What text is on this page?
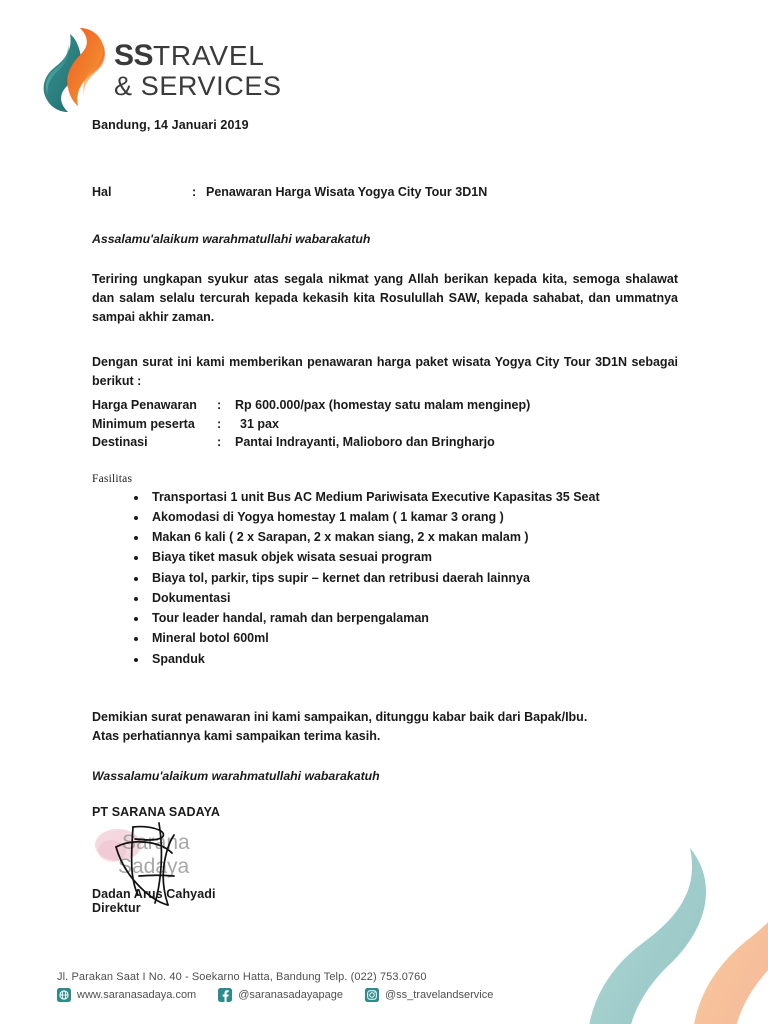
SSTRAVEL
& SERVICES
Bandung, 14 Januari 2019
Hal	: Penawaran Harga Wisata Yogya City Tour 3D1N
Assalamu'alaikum warahmatullahi wabarakatuh
Teriring ungkapan syukur atas segala nikmat yang Allah berikan kepada kita, semoga shalawat dan salam selalu tercurah kepada kekasih kita Rosulullah SAW, kepada sahabat, dan ummatnya sampai akhir zaman.
Dengan surat ini kami memberikan penawaran harga paket wisata Yogya City Tour 3D1N sebagai berikut :
Harga Penawaran	:	Rp 600.000/pax (homestay satu malam menginep)
Minimum peserta	:	31 pax
Destinasi	:	Pantai Indrayanti, Malioboro dan Bringharjo
Fasilitas
• Transportasi 1 unit Bus AC Medium Pariwisata Executive Kapasitas 35 Seat
• Akomodasi di Yogya homestay 1 malam ( 1 kamar 3 orang )
• Makan 6 kali ( 2 x Sarapan, 2 x makan siang, 2 x makan malam )
• Biaya tiket masuk objek wisata sesuai program
• Biaya tol, parkir, tips supir – kernet dan retribusi daerah lainnya
• Dokumentasi
• Tour leader handal, ramah dan berpengalaman
• Mineral botol 600ml
• Spanduk
Demikian surat penawaran ini kami sampaikan, ditunggu kabar baik dari Bapak/Ibu.
Atas perhatiannya kami sampaikan terima kasih.
Wassalamu'alaikum warahmatullahi wabarakatuh
PT SARANA SADAYA
Sarana
Sadaya
Dadan Arus Cahyadi
Direktur
Jl. Parakan Saat I No. 40 - Soekarno Hatta, Bandung Telp. (022) 753.0760
www.saranasadaya.com	@saranasadayapage	@ss_travelandservice
